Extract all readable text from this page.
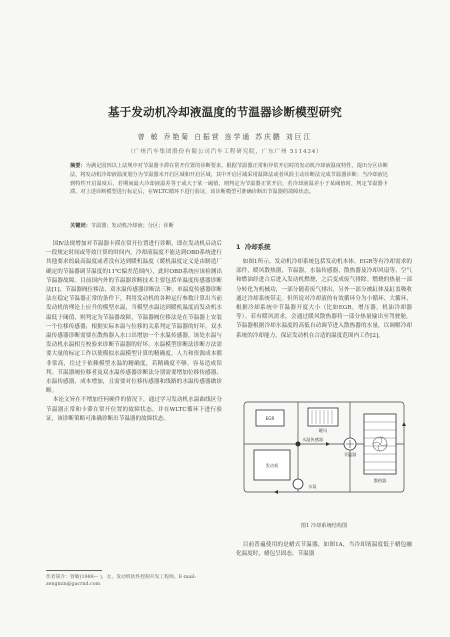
基于发动机冷却液温度的节温器诊断模型研究
曾 敏 乔艳菊 白振营 连学通 苏庆鹏 刘巨江
（广州汽车集团股份有限公司汽车工程研究院，广东广州 511434）
摘要：为满足国四以上法规中对节温器卡滞在常开位置的诊断要求，根据节温器正常和异常开启时的发动机冷却液温度特性，提出分区诊断法，将发动机冷却液温度划分为节温器未开启区域和开启区域，其中开启区域采用温降法或者风险主动诊断法完成节温器诊断；当冷却液达到特性开启温度后，若期间最大冷却液温差等于或大于某一阈值，则判定为节温器正常开启，若冷却液温差小于某阈值时，判定节温器卡滞。对上述诊断模型进行标定后，在WLTC循环下进行验证，该诊断模型可准确诊断出节温器的故障状态。
关键词：节温器；发动机冷却液；分区；诊断

国Ⅳ法规增加对节温器卡滞在常开位置进行诊断，即在发动机启动后一段规定时间或等效计算的时间内，冷却液温度不能达到OBD系统进行其他要求的最高温度或者没有达到暖机温度（暖机温度定义是由制造厂确定的节温器调节温度的11℃偏差范围内），此时OBD系统应该检测出节温器故障。目前国内外的节温器诊断技术主要包括单温度传感器诊断法[1]、节温器阀位移法、双水温传感器诊断法三种。单温度传感器诊断法在稳定节温器正常的条件下，利用发动机的各种运行参数计算出当前发动机的理论上应升的模型水温，当模型水温达到暖机温度而发动机水温低于阈值，则判定为节温器故障，节温器阀位移法是在节温器上安装一个位移传感器，根据实际本温与位移的关系判定节温器的好坏。双水温传感器诊断需要在散热器入水口出增加一个水温传感器，该处水温与发动机水温相互校验来诊断节温器的好坏。水温模型诊断法诊断方法需要大量的标定工作以使模拟水温模型计算的精确度，人力和资源成本都非常高，往过于依赖模型水温的精确度，若精确度不够，容易造成误判。节温器阀位移者及双水温传感器诊断法分别需要增加位移传感器、水温传感器，成本增加，且需要对位移传感器和线路的水温传感器做诊断。

本论文旨在不增加任何硬件的情况下，通过学习发动机水温曲线区分节温器正常和卡滞在常开位置的故障状态，并在WLTC循环下进行验证，该诊断策略可准确诊断出节温器的故障状态。

作者简介：曾敏(1988— )，女，发动机软件控制开发工程师。E-mail: zengmin@gacrnd.com
1 冷却系统

如图1所示，发动机冷却系统包括发动机本体、EGR等有冷却需求的部件，暖风散热器，节温器，水温传感器，散热器及冷却风扇等。空气和燃油经进合后进入发动机燃烧，之后变成废气排除。燃烧的热量一部分转化为机械功，一部分随着废气排出，另外一部分被缸体及缸盖吸收通过冷却系统带走。但所说对冷却液的有效循环分为小循环、大循环，根据冷却系统中节温器开度大小（比如EGR，增压器，机油冷却器等）。若有暖风需求，会通过暖风散热器将一部分热量输出至驾驶舱。节温器根据冷却水温度的高低自动调节进入散热器的水量，以调解冷却系统的冷却能力，保证发动机在合适的温度范围内工作[2]。

发动机
EGR
暖风
节温器
散热器
水泵
水温传感器
图1 冷却系统结构图

目前普遍使用的是蜡式节温器，如图1A，当冷却液温度低于蜡包融化温度时，蜡包呈固态，节温器
